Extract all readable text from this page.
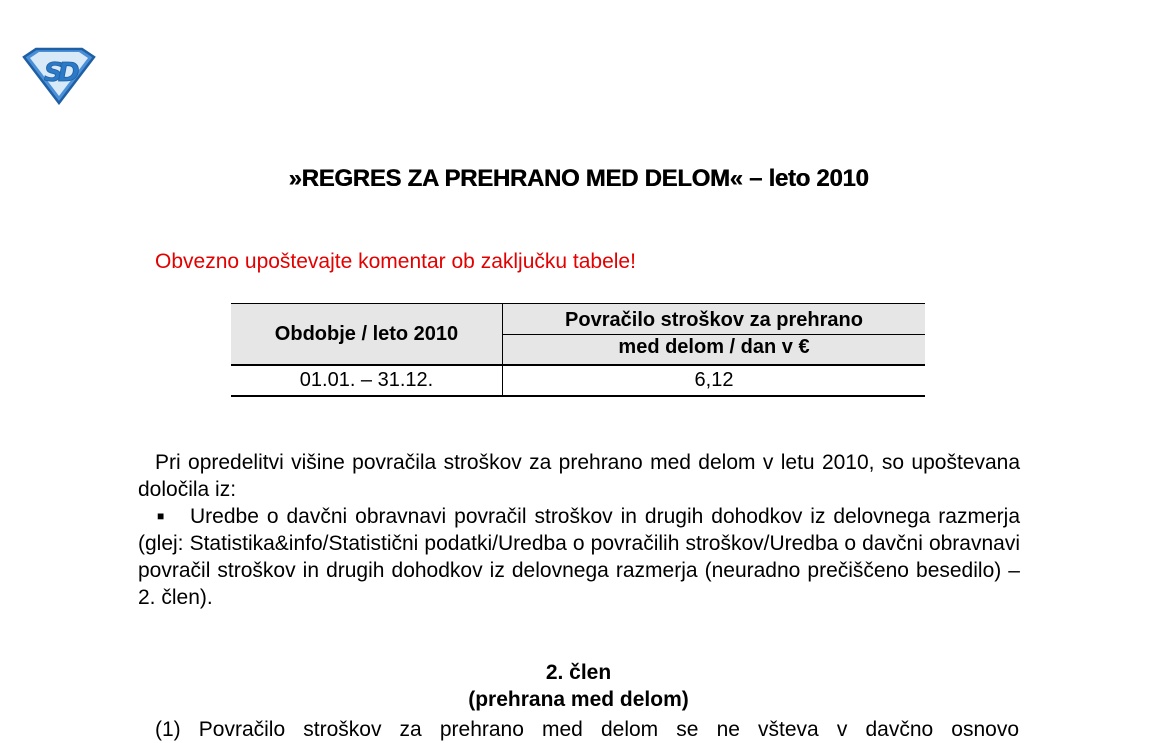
S
D
»REGRES ZA PREHRANO MED DELOM« – leto 2010
Obvezno upoštevajte komentar ob zaključku tabele!
Obdobje / leto 2010	Povračilo stroškov za prehrano
med delom / dan v €

01.01. – 31.12.	6,12
Pri opredelitvi višine povračila stroškov za prehrano med delom v letu 2010, so upoštevana določila iz:
■ Uredbe o davčni obravnavi povračil stroškov in drugih dohodkov iz delovnega razmerja (glej: Statistika&info/Statistični podatki/Uredba o povračilih stroškov/Uredba o davčni obravnavi povračil stroškov in drugih dohodkov iz delovnega razmerja (neuradno prečiščeno besedilo) – 2. člen).
2. člen
(prehrana med delom)
(1) Povračilo stroškov za prehrano med delom se ne všteva v davčno osnovo
